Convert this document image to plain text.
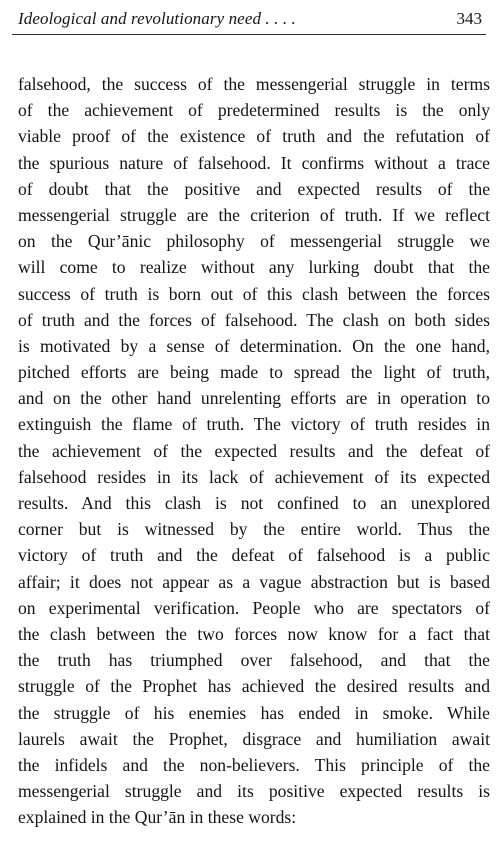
Ideological and revolutionary need . . . .	343
falsehood, the success of the messengerial struggle in terms
of the achievement of predetermined results is the only
viable proof of the existence of truth and the refutation of
the spurious nature of falsehood. It confirms without a trace
of doubt that the positive and expected results of the
messengerial struggle are the criterion of truth. If we reflect
on the Qur’ānic philosophy of messengerial struggle we
will come to realize without any lurking doubt that the
success of truth is born out of this clash between the forces
of truth and the forces of falsehood. The clash on both sides
is motivated by a sense of determination. On the one hand,
pitched efforts are being made to spread the light of truth,
and on the other hand unrelenting efforts are in operation to
extinguish the flame of truth. The victory of truth resides in
the achievement of the expected results and the defeat of
falsehood resides in its lack of achievement of its expected
results. And this clash is not confined to an unexplored
corner but is witnessed by the entire world. Thus the
victory of truth and the defeat of falsehood is a public
affair; it does not appear as a vague abstraction but is based
on experimental verification. People who are spectators of
the clash between the two forces now know for a fact that
the truth has triumphed over falsehood, and that the
struggle of the Prophet has achieved the desired results and
the struggle of his enemies has ended in smoke. While
laurels await the Prophet, disgrace and humiliation await
the infidels and the non-believers. This principle of the
messengerial struggle and its positive expected results is
explained in the Qur’ān in these words:
